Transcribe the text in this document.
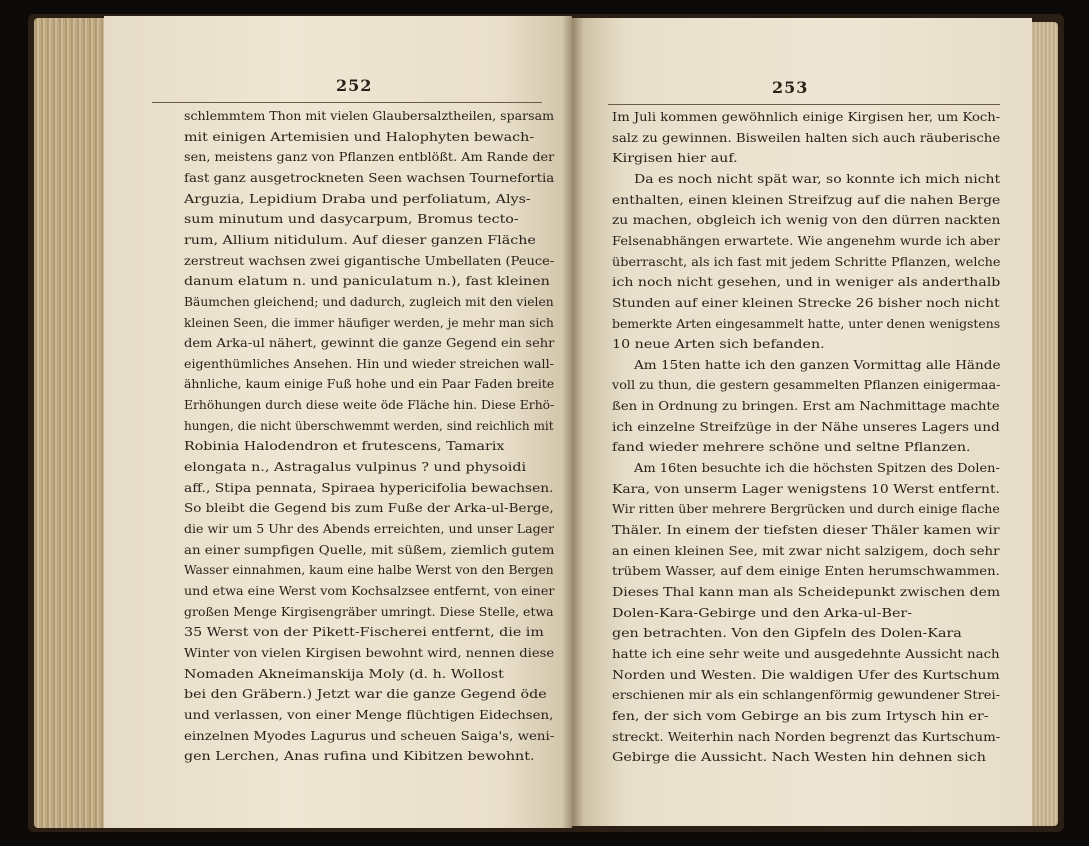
252
schlemmtem Thon mit vielen Glaubersalztheilen, sparsam
mit einigen Artemisien und Halophyten bewach-
sen, meistens ganz von Pflanzen entblößt. Am Rande der
fast ganz ausgetrockneten Seen wachsen Tournefortia
Arguzia, Lepidium Draba und perfoliatum, Alys-
sum minutum und dasycarpum, Bromus tecto-
rum, Allium nitidulum. Auf dieser ganzen Fläche
zerstreut wachsen zwei gigantische Umbellaten (Peuce-
danum elatum n. und paniculatum n.), fast kleinen
Bäumchen gleichend; und dadurch, zugleich mit den vielen
kleinen Seen, die immer häufiger werden, je mehr man sich
dem Arka-ul nähert, gewinnt die ganze Gegend ein sehr
eigenthümliches Ansehen. Hin und wieder streichen wall-
ähnliche, kaum einige Fuß hohe und ein Paar Faden breite
Erhöhungen durch diese weite öde Fläche hin. Diese Erhö-
hungen, die nicht überschwemmt werden, sind reichlich mit
Robinia Halodendron et frutescens, Tamarix
elongata n., Astragalus vulpinus ? und physoidi
aff., Stipa pennata, Spiraea hypericifolia bewachsen.
So bleibt die Gegend bis zum Fuße der Arka-ul-Berge,
die wir um 5 Uhr des Abends erreichten, und unser Lager
an einer sumpfigen Quelle, mit süßem, ziemlich gutem
Wasser einnahmen, kaum eine halbe Werst von den Bergen
und etwa eine Werst vom Kochsalzsee entfernt, von einer
großen Menge Kirgisengräber umringt. Diese Stelle, etwa
35 Werst von der Pikett-Fischerei entfernt, die im
Winter von vielen Kirgisen bewohnt wird, nennen diese
Nomaden Akneimanskija Moly (d. h. Wollost
bei den Gräbern.) Jetzt war die ganze Gegend öde
und verlassen, von einer Menge flüchtigen Eidechsen,
einzelnen Myodes Lagurus und scheuen Saiga's, weni-
gen Lerchen, Anas rufina und Kibitzen bewohnt.
253
Im Juli kommen gewöhnlich einige Kirgisen her, um Koch-
salz zu gewinnen. Bisweilen halten sich auch räuberische
Kirgisen hier auf.
Da es noch nicht spät war, so konnte ich mich nicht
enthalten, einen kleinen Streifzug auf die nahen Berge
zu machen, obgleich ich wenig von den dürren nackten
Felsenabhängen erwartete. Wie angenehm wurde ich aber
überrascht, als ich fast mit jedem Schritte Pflanzen, welche
ich noch nicht gesehen, und in weniger als anderthalb
Stunden auf einer kleinen Strecke 26 bisher noch nicht
bemerkte Arten eingesammelt hatte, unter denen wenigstens
10 neue Arten sich befanden.
Am 15ten hatte ich den ganzen Vormittag alle Hände
voll zu thun, die gestern gesammelten Pflanzen einigermaa-
ßen in Ordnung zu bringen. Erst am Nachmittage machte
ich einzelne Streifzüge in der Nähe unseres Lagers und
fand wieder mehrere schöne und seltne Pflanzen.
Am 16ten besuchte ich die höchsten Spitzen des Dolen-
Kara, von unserm Lager wenigstens 10 Werst entfernt.
Wir ritten über mehrere Bergrücken und durch einige flache
Thäler. In einem der tiefsten dieser Thäler kamen wir
an einen kleinen See, mit zwar nicht salzigem, doch sehr
trübem Wasser, auf dem einige Enten herumschwammen.
Dieses Thal kann man als Scheidepunkt zwischen dem
Dolen-Kara-Gebirge und den Arka-ul-Ber-
gen betrachten. Von den Gipfeln des Dolen-Kara
hatte ich eine sehr weite und ausgedehnte Aussicht nach
Norden und Westen. Die waldigen Ufer des Kurtschum
erschienen mir als ein schlangenförmig gewundener Strei-
fen, der sich vom Gebirge an bis zum Irtysch hin er-
streckt. Weiterhin nach Norden begrenzt das Kurtschum-
Gebirge die Aussicht. Nach Westen hin dehnen sich
